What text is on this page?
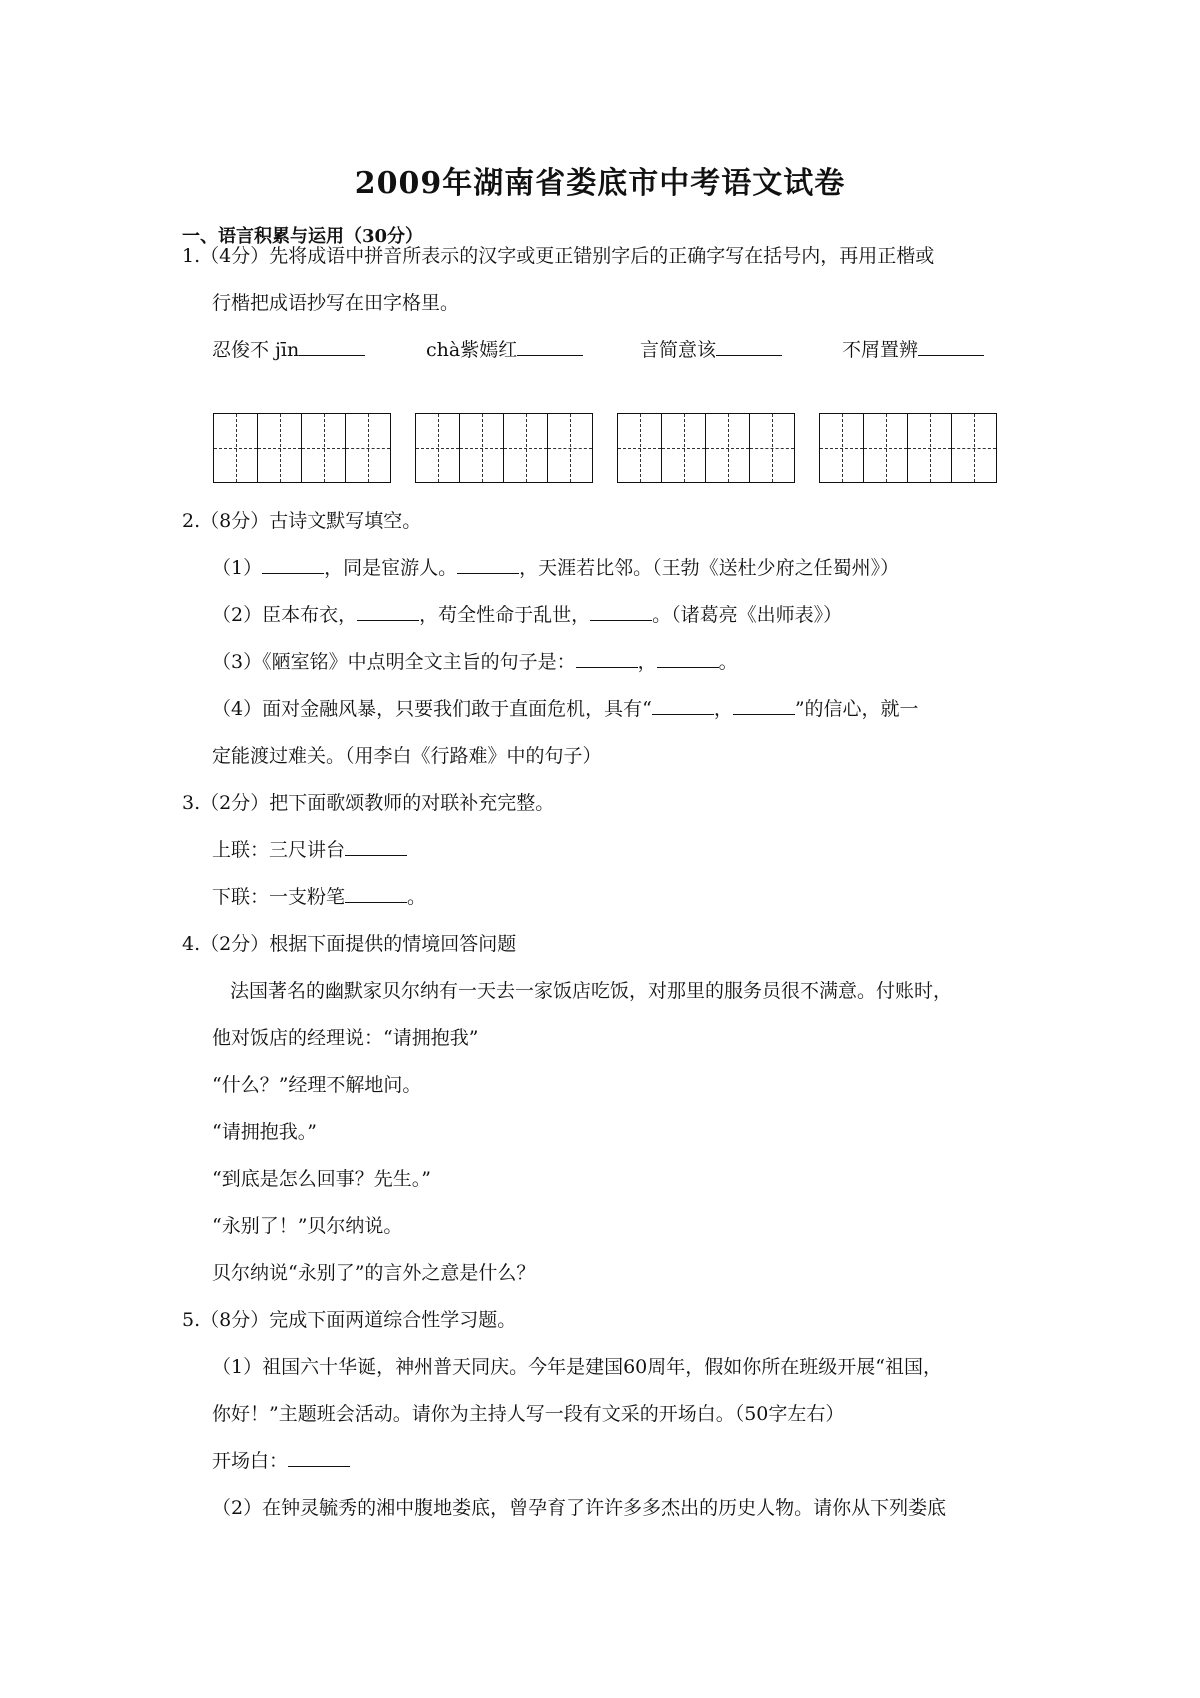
2009年湖南省娄底市中考语文试卷
一、语言积累与运用（30分）
1.（4分）先将成语中拼音所表示的汉字或更正错别字后的正确字写在括号内，再用正楷或
行楷把成语抄写在田字格里。
忍俊不 jīn	chà紫嫣红	言简意该	不屑置辨
2.（8分）古诗文默写填空。
（1）	，同是宦游人。	，天涯若比邻。（王勃《送杜少府之任蜀州》）
（2）臣本布衣，	，苟全性命于乱世，	。（诸葛亮《出师表》）
（3）《陋室铭》中点明全文主旨的句子是：	，	。
（4）面对金融风暴，只要我们敢于直面危机，具有“	，	”的信心，就一
定能渡过难关。（用李白《行路难》中的句子）
3.（2分）把下面歌颂教师的对联补充完整。
上联：三尺讲台
下联：一支粉笔	。
4.（2分）根据下面提供的情境回答问题
法国著名的幽默家贝尔纳有一天去一家饭店吃饭，对那里的服务员很不满意。付账时，
他对饭店的经理说：“请拥抱我”
“什么？”经理不解地问。
“请拥抱我。”
“到底是怎么回事？先生。”
“永别了！”贝尔纳说。
贝尔纳说“永别了”的言外之意是什么？
5.（8分）完成下面两道综合性学习题。
（1）祖国六十华诞，神州普天同庆。今年是建国60周年，假如你所在班级开展“祖国，
你好！”主题班会活动。请你为主持人写一段有文采的开场白。（50字左右）
开场白：
（2）在钟灵毓秀的湘中腹地娄底，曾孕育了许许多多杰出的历史人物。请你从下列娄底
